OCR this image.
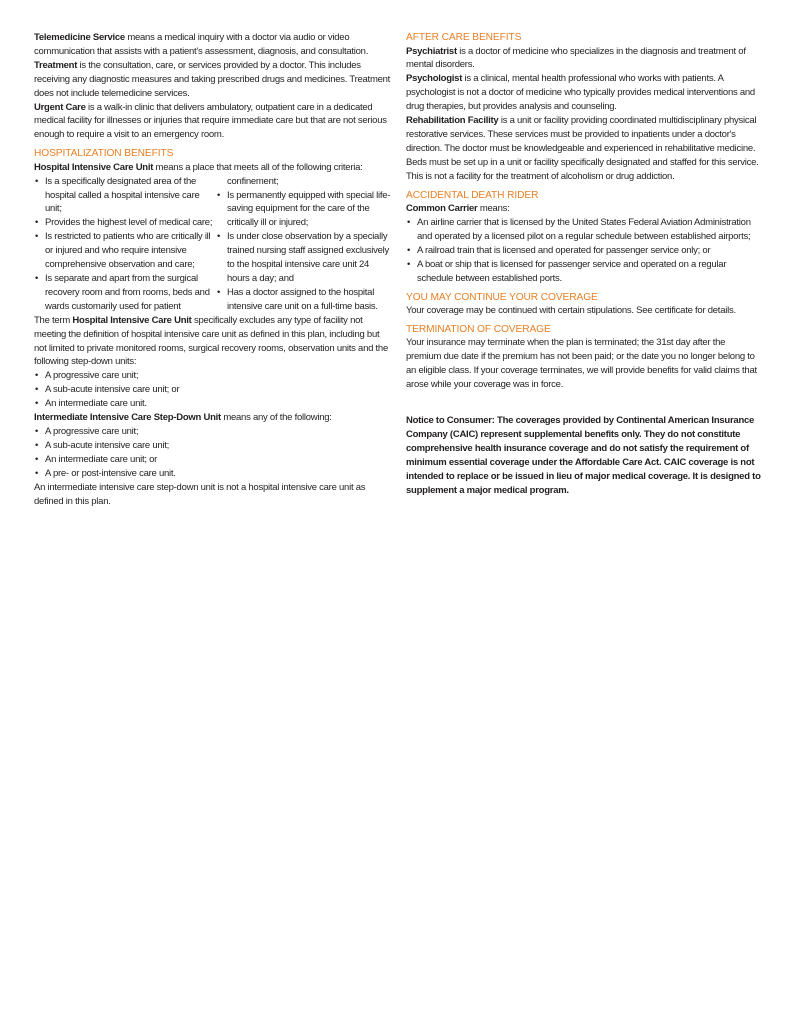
Telemedicine Service means a medical inquiry with a doctor via audio or video communication that assists with a patient's assessment, diagnosis, and consultation.

Treatment is the consultation, care, or services provided by a doctor. This includes receiving any diagnostic measures and taking prescribed drugs and medicines. Treatment does not include telemedicine services.

Urgent Care is a walk-in clinic that delivers ambulatory, outpatient care in a dedicated medical facility for illnesses or injuries that require immediate care but that are not serious enough to require a visit to an emergency room.

HOSPITALIZATION BENEFITS

Hospital Intensive Care Unit means a place that meets all of the following criteria:

• Is a specifically designated area of the hospital called a hospital intensive care unit;
• Provides the highest level of medical care;
• Is restricted to patients who are critically ill or injured and who require intensive comprehensive observation and care;
• Is separate and apart from the surgical recovery room and from rooms, beds and wards customarily used for patient
confinement;
• Is permanently equipped with special life-saving equipment for the care of the critically ill or injured;
• Is under close observation by a specially trained nursing staff assigned exclusively to the hospital intensive care unit 24 hours a day; and
• Has a doctor assigned to the hospital intensive care unit on a full-time basis.

The term Hospital Intensive Care Unit specifically excludes any type of facility not meeting the definition of hospital intensive care unit as defined in this plan, including but not limited to private monitored rooms, surgical recovery rooms, observation units and the following step-down units:

• A progressive care unit;
• A sub-acute intensive care unit; or
• An intermediate care unit.

Intermediate Intensive Care Step-Down Unit means any of the following:

• A progressive care unit;
• A sub-acute intensive care unit;
• An intermediate care unit; or
• A pre- or post-intensive care unit.

An intermediate intensive care step-down unit is not a hospital intensive care unit as defined in this plan.

AFTER CARE BENEFITS

Psychiatrist is a doctor of medicine who specializes in the diagnosis and treatment of mental disorders.

Psychologist is a clinical, mental health professional who works with patients. A psychologist is not a doctor of medicine who typically provides medical interventions and drug therapies, but provides analysis and counseling.

Rehabilitation Facility is a unit or facility providing coordinated multidisciplinary physical restorative services. These services must be provided to inpatients under a doctor's direction. The doctor must be knowledgeable and experienced in rehabilitative medicine. Beds must be set up in a unit or facility specifically designated and staffed for this service. This is not a facility for the treatment of alcoholism or drug addiction.

ACCIDENTAL DEATH RIDER

Common Carrier means:

• An airline carrier that is licensed by the United States Federal Aviation Administration and operated by a licensed pilot on a regular schedule between established airports;
• A railroad train that is licensed and operated for passenger service only; or
• A boat or ship that is licensed for passenger service and operated on a regular schedule between established ports.
YOU MAY CONTINUE YOUR COVERAGE

Your coverage may be continued with certain stipulations. See certificate for details.

TERMINATION OF COVERAGE

Your insurance may terminate when the plan is terminated; the 31st day after the premium due date if the premium has not been paid; or the date you no longer belong to an eligible class. If your coverage terminates, we will provide benefits for valid claims that arose while your coverage was in force.

Notice to Consumer: The coverages provided by Continental American Insurance Company (CAIC) represent supplemental benefits only. They do not constitute comprehensive health insurance coverage and do not satisfy the requirement of minimum essential coverage under the Affordable Care Act. CAIC coverage is not intended to replace or be issued in lieu of major medical coverage. It is designed to supplement a major medical program.
